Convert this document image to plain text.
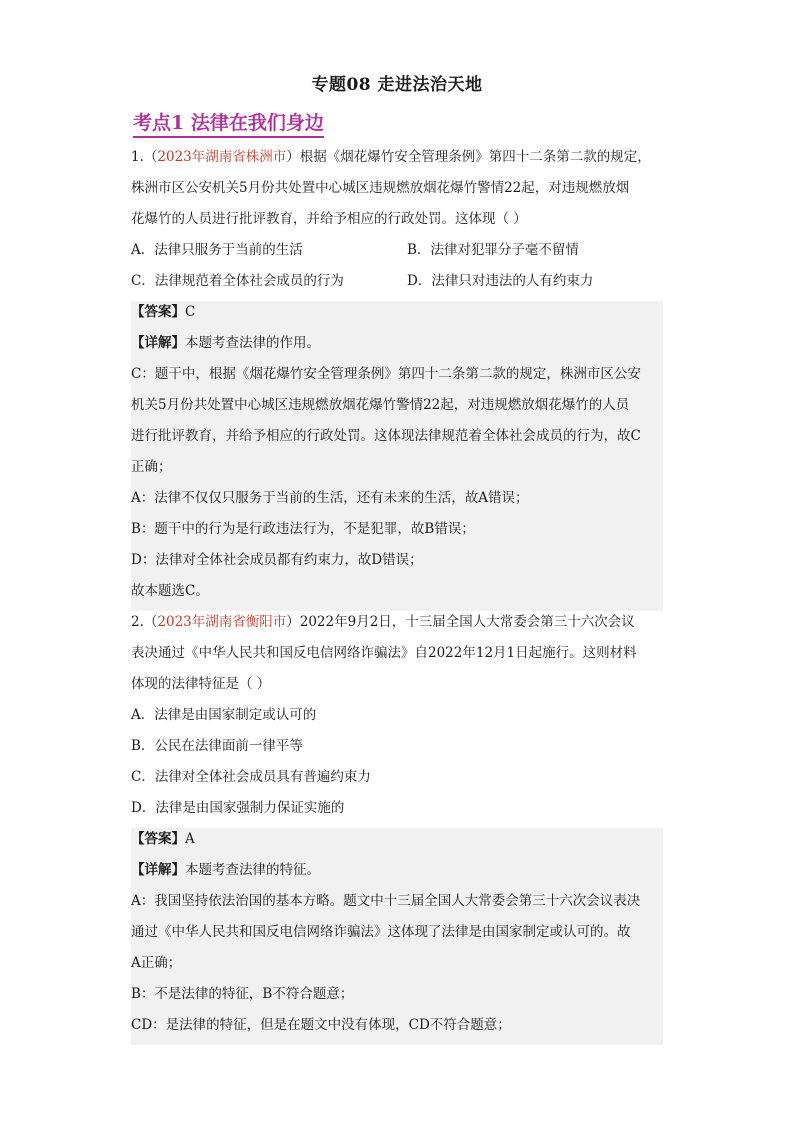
专题08 走进法治天地
考点1 法律在我们身边
1.（2023年湖南省株洲市）根据《烟花爆竹安全管理条例》第四十二条第二款的规定，
株洲市区公安机关5月份共处置中心城区违规燃放烟花爆竹警情22起，对违规燃放烟
花爆竹的人员进行批评教育，并给予相应的行政处罚。这体现（ ）
A．法律只服务于当前的生活	B．法律对犯罪分子毫不留情
C．法律规范着全体社会成员的行为	D．法律只对违法的人有约束力
【答案】C
【详解】本题考查法律的作用。
C：题干中，根据《烟花爆竹安全管理条例》第四十二条第二款的规定，株洲市区公安
机关5月份共处置中心城区违规燃放烟花爆竹警情22起，对违规燃放烟花爆竹的人员
进行批评教育，并给予相应的行政处罚。这体现法律规范着全体社会成员的行为，故C
正确；
A：法律不仅仅只服务于当前的生活，还有未来的生活，故A错误；
B：题干中的行为是行政违法行为，不是犯罪，故B错误；
D：法律对全体社会成员都有约束力，故D错误；
故本题选C。
2.（2023年湖南省衡阳市）2022年9月2日，十三届全国人大常委会第三十六次会议
表决通过《中华人民共和国反电信网络诈骗法》自2022年12月1日起施行。这则材料
体现的法律特征是（ ）
A．法律是由国家制定或认可的
B．公民在法律面前一律平等
C．法律对全体社会成员具有普遍约束力
D．法律是由国家强制力保证实施的
【答案】A
【详解】本题考查法律的特征。
A：我国坚持依法治国的基本方略。题文中十三届全国人大常委会第三十六次会议表决
通过《中华人民共和国反电信网络诈骗法》这体现了法律是由国家制定或认可的。故
A正确；
B：不是法律的特征，B不符合题意；
CD：是法律的特征，但是在题文中没有体现，CD不符合题意；
